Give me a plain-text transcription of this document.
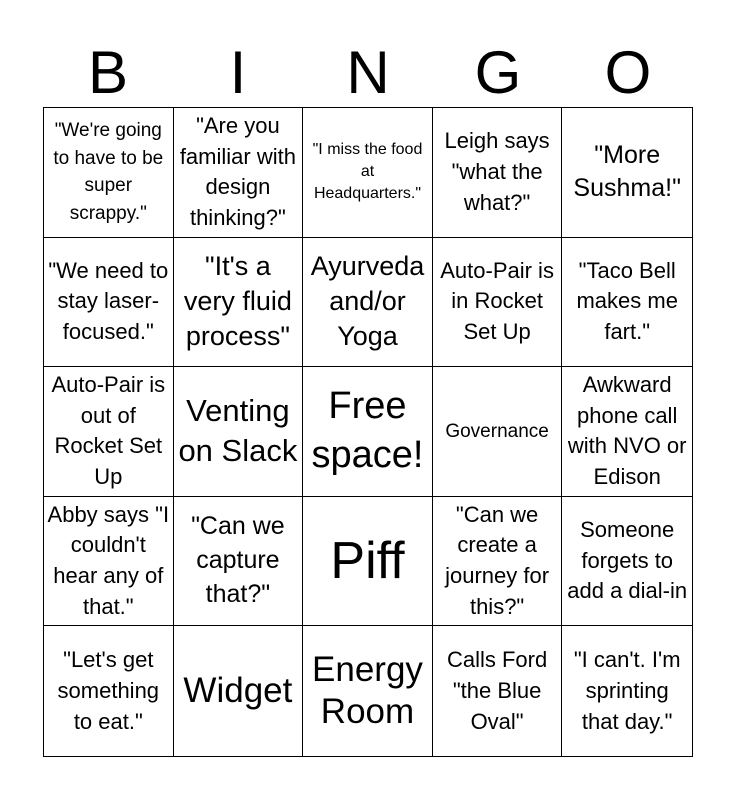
B	I	N	G	O
"We're going to have to be super scrappy."
"Are you familiar with design thinking?"
"I miss the food at Headquarters."
Leigh says "what the what?"
"More Sushma!"
"We need to stay laser-focused."
"It's a very fluid process"
Ayurveda and/or Yoga
Auto-Pair is in Rocket Set Up
"Taco Bell makes me fart."
Auto-Pair is out of Rocket Set Up
Venting on Slack
Free space!
Governance
Awkward phone call with NVO or Edison
Abby says "I couldn't hear any of that."
"Can we capture that?"
Piff
"Can we create a journey for this?"
Someone forgets to add a dial-in
"Let's get something to eat."
Widget
Energy Room
Calls Ford "the Blue Oval"
"I can't. I'm sprinting that day."
